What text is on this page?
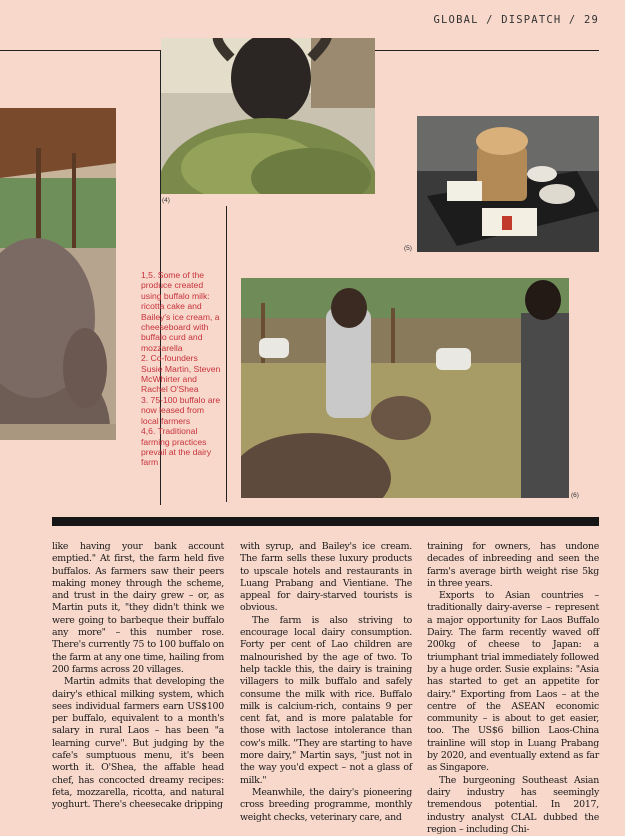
GLOBAL / DISPATCH / 29
(4)
(5)
(6)

1,5. Some of the produce created using buffalo milk: ricotta cake and Bailey's ice cream, a cheeseboard with buffalo curd and mozzarella

2. Co-founders Susie Martin, Steven McWhirter and Rachel O'Shea

3. 75-100 buffalo are now leased from local farmers

4,6. Traditional farming practices prevail at the dairy farm

like having your bank account emptied." At first, the farm held five buffalos. As farmers saw their peers making money through the scheme, and trust in the dairy grew – or, as Martin puts it, "they didn't think we were going to barbeque their buffalo any more" – this number rose. There's currently 75 to 100 buffalo on the farm at any one time, hailing from 200 farms across 20 villages.

Martin admits that developing the dairy's ethical milking system, which sees individual farmers earn US$100 per buffalo, equivalent to a month's salary in rural Laos – has been "a learning curve". But judging by the cafe's sumptuous menu, it's been worth it. O'Shea, the affable head chef, has concocted dreamy recipes: feta, mozzarella, ricotta, and natural yoghurt. There's cheesecake dripping

with syrup, and Bailey's ice cream. The farm sells these luxury products to upscale hotels and restaurants in Luang Prabang and Vientiane. The appeal for dairy-starved tourists is obvious.

The farm is also striving to encourage local dairy consumption. Forty per cent of Lao children are malnourished by the age of two. To help tackle this, the dairy is training villagers to milk buffalo and safely consume the milk with rice. Buffalo milk is calcium-rich, contains 9 per cent fat, and is more palatable for those with lactose intolerance than cow's milk. "They are starting to have more dairy," Martin says, "just not in the way you'd expect – not a glass of milk."

Meanwhile, the dairy's pioneering cross breeding programme, monthly weight checks, veterinary care, and

training for owners, has undone decades of inbreeding and seen the farm's average birth weight rise 5kg in three years.

Exports to Asian countries – traditionally dairy-averse – represent a major opportunity for Laos Buffalo Dairy. The farm recently waved off 200kg of cheese to Japan: a triumphant trial immediately followed by a huge order. Susie explains: "Asia has started to get an appetite for dairy." Exporting from Laos – at the centre of the ASEAN economic community – is about to get easier, too. The US$6 billion Laos-China trainline will stop in Luang Prabang by 2020, and eventually extend as far as Singapore.

The burgeoning Southeast Asian dairy industry has seemingly tremendous potential. In 2017, industry analyst CLAL dubbed the region – including Chi-
